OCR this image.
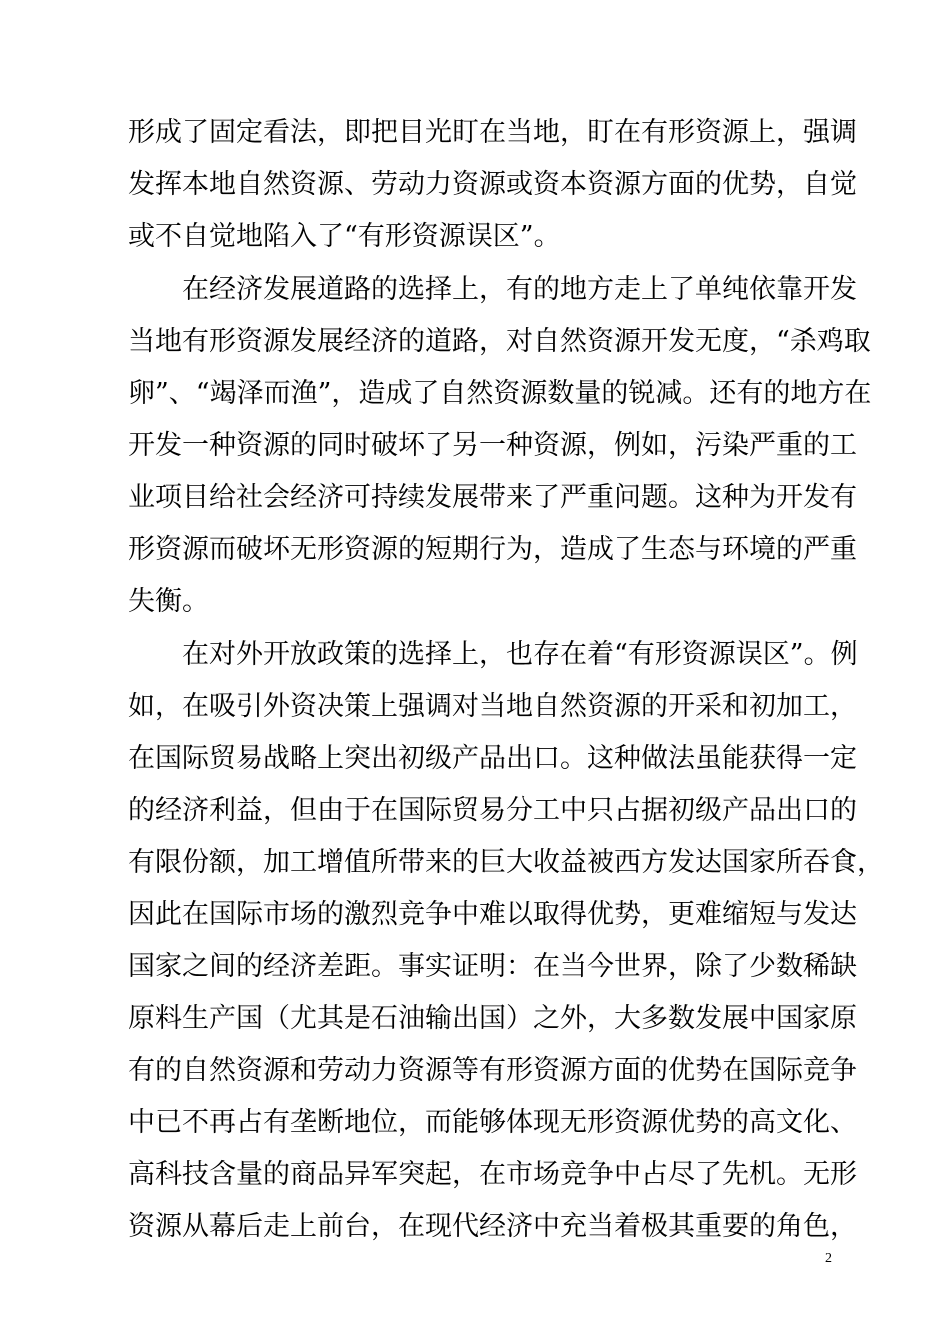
形成了固定看法，即把目光盯在当地，盯在有形资源上，强调
发挥本地自然资源、劳动力资源或资本资源方面的优势，自觉
或不自觉地陷入了“有形资源误区”。
在经济发展道路的选择上，有的地方走上了单纯依靠开发
当地有形资源发展经济的道路，对自然资源开发无度，“杀鸡取
卵”、“竭泽而渔”，造成了自然资源数量的锐减。还有的地方在
开发一种资源的同时破坏了另一种资源，例如，污染严重的工
业项目给社会经济可持续发展带来了严重问题。这种为开发有
形资源而破坏无形资源的短期行为，造成了生态与环境的严重
失衡。
在对外开放政策的选择上，也存在着“有形资源误区”。例
如，在吸引外资决策上强调对当地自然资源的开采和初加工，
在国际贸易战略上突出初级产品出口。这种做法虽能获得一定
的经济利益，但由于在国际贸易分工中只占据初级产品出口的
有限份额，加工增值所带来的巨大收益被西方发达国家所吞食，
因此在国际市场的激烈竞争中难以取得优势，更难缩短与发达
国家之间的经济差距。事实证明：在当今世界，除了少数稀缺
原料生产国（尤其是石油输出国）之外，大多数发展中国家原
有的自然资源和劳动力资源等有形资源方面的优势在国际竞争
中已不再占有垄断地位，而能够体现无形资源优势的高文化、
高科技含量的商品异军突起，在市场竞争中占尽了先机。无形
资源从幕后走上前台，在现代经济中充当着极其重要的角色，
2
